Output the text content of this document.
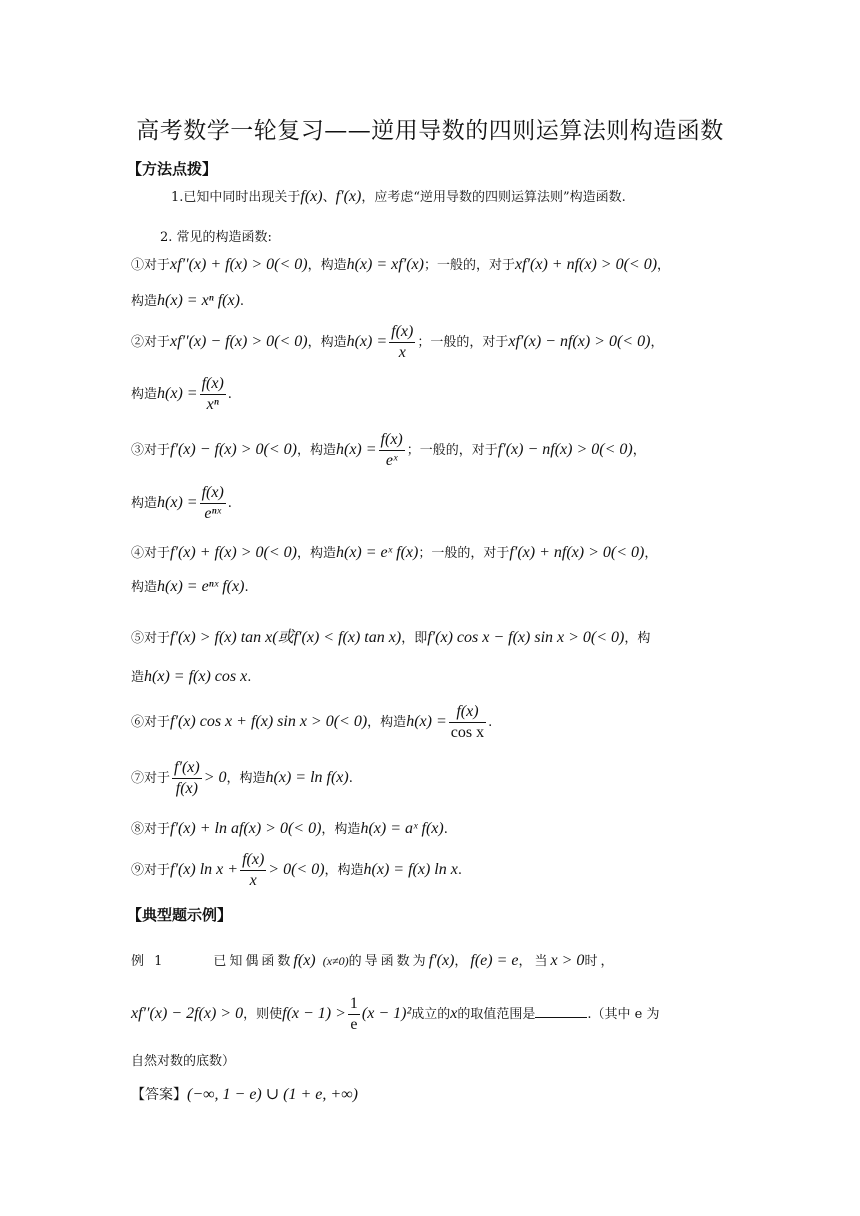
高考数学一轮复习——逆用导数的四则运算法则构造函数
【方法点拨】
1.已知中同时出现关于f(x)、f′(x)，应考虑“逆用导数的四则运算法则”构造函数.
2. 常见的构造函数:
①对于xf′′(x) + f(x) > 0(< 0)，构造h(x) = xf′(x)；一般的，对于xf′(x) + nf(x) > 0(< 0)，
构造h(x) = xⁿ f(x).
②对于xf′′(x) − f(x) > 0(< 0)，构造$h(x) = \frac{f(x)}{x}$ ；一般的，对于xf′(x) − nf(x) > 0(< 0)，
构造$h(x) = \frac{f(x)}{\text{xⁿ}}$ .
③对于f′(x) − f(x) > 0(< 0)，构造$h(x) = \frac{f(x)}{\text{eˣ}}$ ；一般的，对于f′(x) − nf(x) > 0(< 0)，
构造$h(x) = \frac{f(x)}{\text{eⁿˣ}}$ .
④对于f′(x) + f(x) > 0(< 0)，构造h(x) = eˣ f(x)；一般的，对于f′(x) + nf(x) > 0(< 0)，
构造h(x) = eⁿˣ f(x).
⑤对于f′(x) > f(x) tan x(或f′(x) < f(x) tan x)，即f′(x) cos x − f(x) sin x > 0(< 0)，构
造h(x) = f(x) cos x.
⑥对于f′(x) cos x + f(x) sin x > 0(< 0)，构造$h(x) = \frac{f(x)}{\text{cos x}}$ .
⑦对于 $\frac{f'(x)}{f(x)} > 0$，构造h(x) = ln f(x).
⑧对于f′(x) + ln af(x) > 0(< 0)，构造h(x) = aˣ f(x).
⑨对于f′(x) $\ln x + \frac{f(x)}{x} > 0(< 0)$，构造h(x) = f(x) ln x.
【典型题示例】
例 1	已知偶函数f(x) (x≠0)的导函数为f′(x)，f(e) = e，当x > 0时，
xf′′(x) − 2f(x) > 0，则使$f(x - 1) > \frac{1}{e} (x - 1)^2$成立的x的取值范围是	.（其中 e 为
自然对数的底数）
【答案】(−∞, 1 − e) ∪ (1 + e, +∞)
